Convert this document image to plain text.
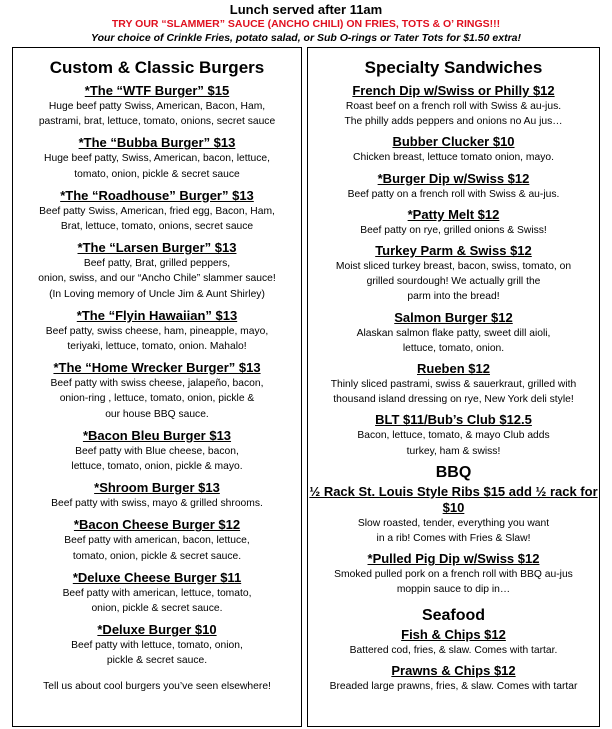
Lunch served after 11am
TRY OUR “SLAMMER” SAUCE (ANCHO CHILI) ON FRIES, TOTS & O’ RINGS!!!
Your choice of Crinkle Fries, potato salad, or Sub O-rings or Tater Tots for $1.50 extra!
Custom & Classic Burgers
*The “WTF Burger” $15
Huge beef patty Swiss, American, Bacon, Ham,
pastrami, brat, lettuce, tomato, onions, secret sauce
*The “Bubba Burger” $13
Huge beef patty, Swiss, American, bacon, lettuce,
tomato, onion, pickle & secret sauce
*The “Roadhouse” Burger” $13
Beef patty Swiss, American, fried egg, Bacon, Ham,
Brat, lettuce, tomato, onions, secret sauce
*The “Larsen Burger” $13
Beef patty, Brat, grilled peppers,
onion, swiss, and our “Ancho Chile” slammer sauce!
(In Loving memory of Uncle Jim & Aunt Shirley)
*The “Flyin Hawaiian” $13
Beef patty, swiss cheese, ham, pineapple, mayo,
teriyaki, lettuce, tomato, onion. Mahalo!
*The “Home Wrecker Burger” $13
Beef patty with swiss cheese, jalapeño, bacon,
onion-ring , lettuce, tomato, onion, pickle &
our house BBQ sauce.
*Bacon Bleu Burger $13
Beef patty with Blue cheese, bacon,
lettuce, tomato, onion, pickle & mayo.
*Shroom Burger $13
Beef patty with swiss, mayo & grilled shrooms.
*Bacon Cheese Burger $12
Beef patty with american, bacon, lettuce,
tomato, onion, pickle & secret sauce.
*Deluxe Cheese Burger $11
Beef patty with american, lettuce, tomato,
onion, pickle & secret sauce.
*Deluxe Burger $10
Beef patty with lettuce, tomato, onion,
pickle & secret sauce.
Tell us about cool burgers you’ve seen elsewhere!
Specialty Sandwiches
French Dip w/Swiss or Philly $12
Roast beef on a french roll with Swiss & au-jus.
The philly adds peppers and onions no Au jus…
Bubber Clucker $10
Chicken breast, lettuce tomato onion, mayo.
*Burger Dip w/Swiss $12
Beef patty on a french roll with Swiss & au-jus.
*Patty Melt $12
Beef patty on rye, grilled onions & Swiss!
Turkey Parm & Swiss $12
Moist sliced turkey breast, bacon, swiss, tomato, on
grilled sourdough! We actually grill the
parm into the bread!
Salmon Burger $12
Alaskan salmon flake patty, sweet dill aioli,
lettuce, tomato, onion.
Rueben $12
Thinly sliced pastrami, swiss & sauerkraut, grilled with
thousand island dressing on rye, New York deli style!
BLT $11/Bub’s Club $12.5
Bacon, lettuce, tomato, & mayo Club adds
turkey, ham & swiss!
BBQ
½ Rack St. Louis Style Ribs $15 add ½ rack for $10
Slow roasted, tender, everything you want
in a rib! Comes with Fries & Slaw!
*Pulled Pig Dip w/Swiss $12
Smoked pulled pork on a french roll with BBQ au-jus
moppin sauce to dip in…
Seafood
Fish & Chips $12
Battered cod, fries, & slaw. Comes with tartar.
Prawns & Chips $12
Breaded large prawns, fries, & slaw. Comes with tartar
